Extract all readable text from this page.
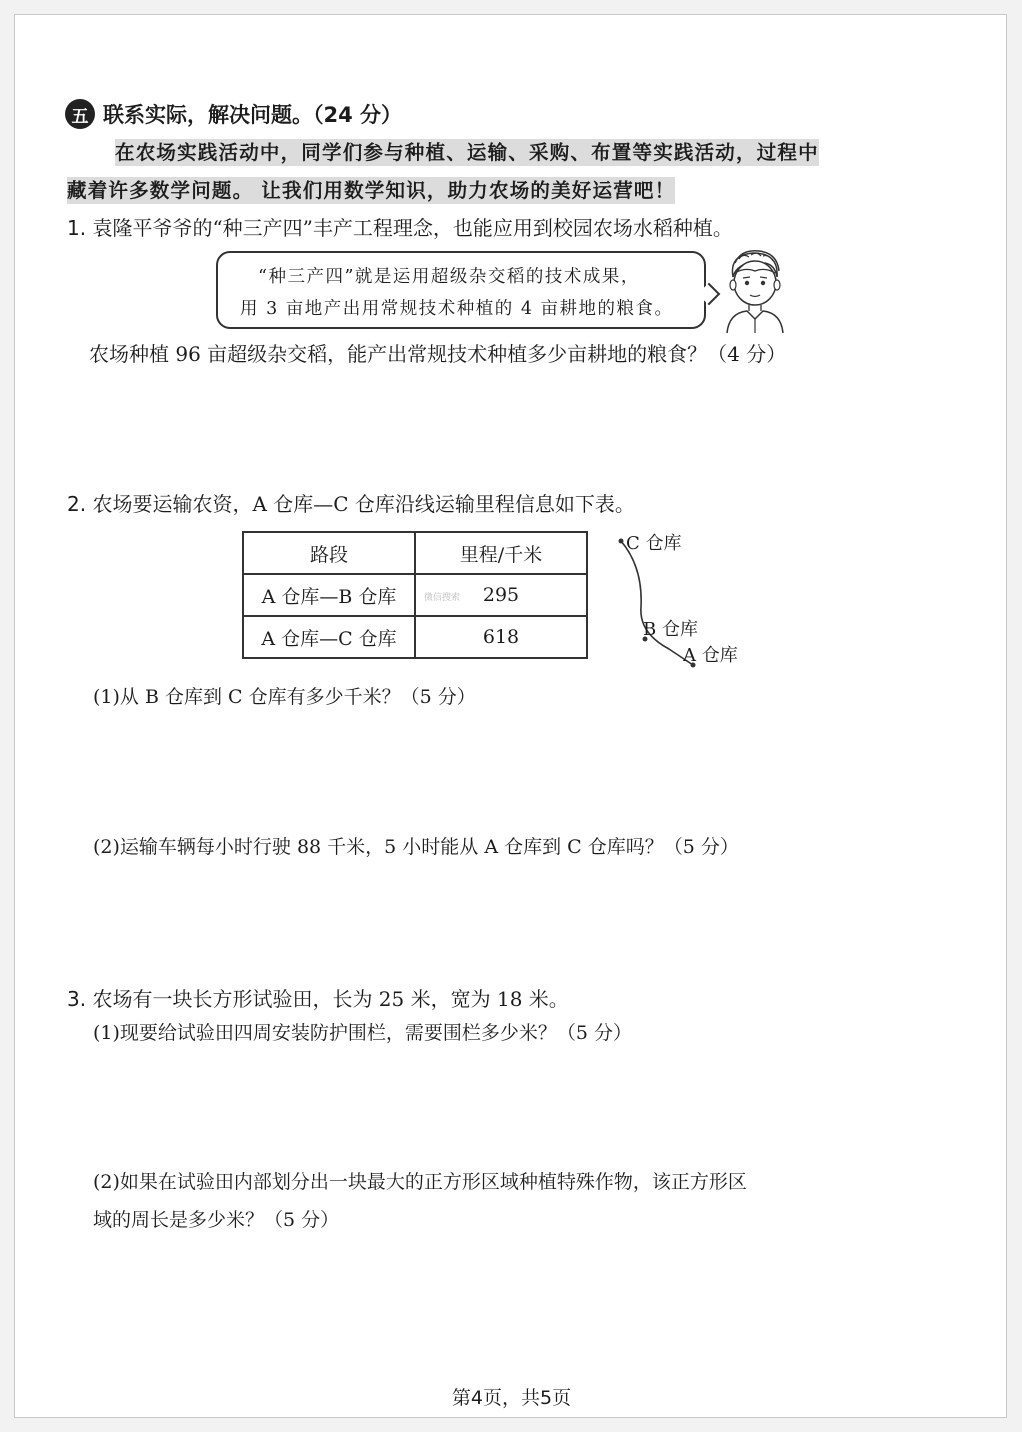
五 联系实际，解决问题。（24 分）
在农场实践活动中，同学们参与种植、运输、采购、布置等实践活动，过程中
藏着许多数学问题。 让我们用数学知识，助力农场的美好运营吧！
1. 袁隆平爷爷的“种三产四”丰产工程理念，也能应用到校园农场水稻种植。
“种三产四”就是运用超级杂交稻的技术成果，
用 3 亩地产出用常规技术种植的 4 亩耕地的粮食。
农场种植 96 亩超级杂交稻，能产出常规技术种植多少亩耕地的粮食？（4 分）
2. 农场要运输农资，A 仓库—C 仓库沿线运输里程信息如下表。
路段	里程/千米
A 仓库—B 仓库	微信搜索 295
A 仓库—C 仓库	618
C 仓库
B 仓库
A 仓库
(1)从 B 仓库到 C 仓库有多少千米？（5 分）
(2)运输车辆每小时行驶 88 千米，5 小时能从 A 仓库到 C 仓库吗？（5 分）
3. 农场有一块长方形试验田，长为 25 米，宽为 18 米。
(1)现要给试验田四周安装防护围栏，需要围栏多少米？（5 分）
(2)如果在试验田内部划分出一块最大的正方形区域种植特殊作物，该正方形区
域的周长是多少米？（5 分）
第4页，共5页
